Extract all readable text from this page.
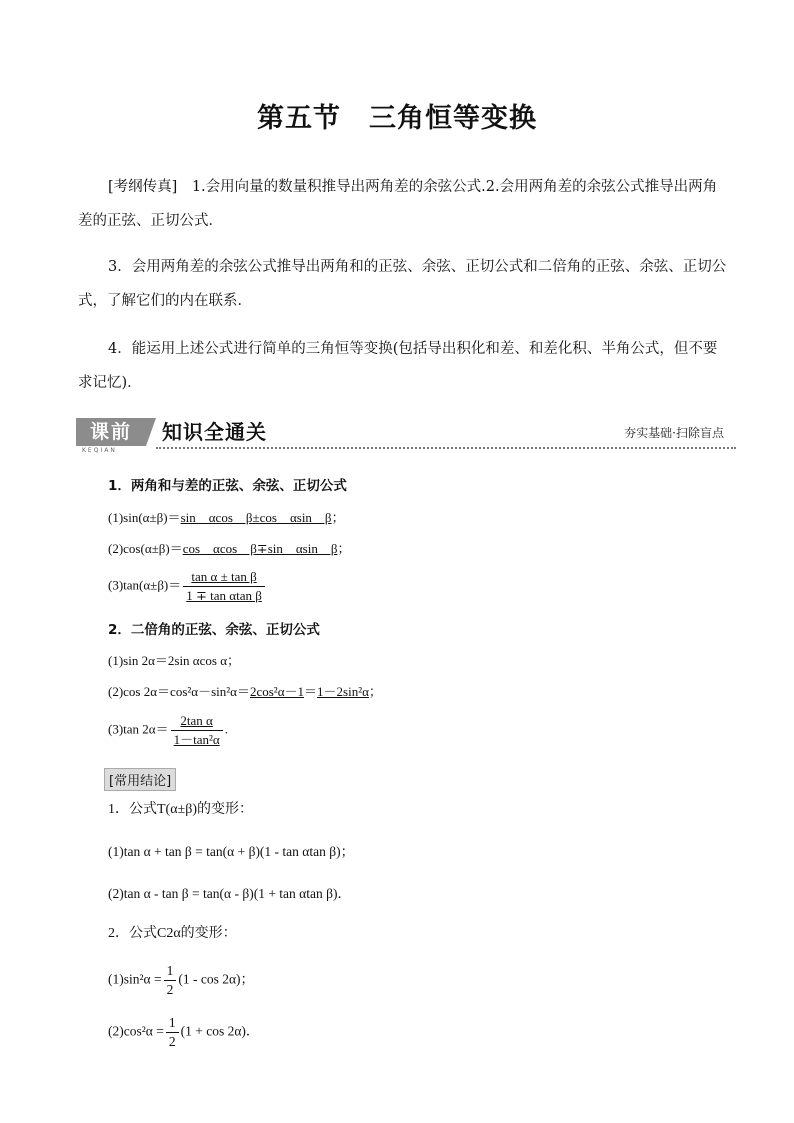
第五节　三角恒等变换
[考纲传真]　1.会用向量的数量积推导出两角差的余弦公式.2.会用两角差的余弦公式推导出两角差的正弦、正切公式．
3．会用两角差的余弦公式推导出两角和的正弦、余弦、正切公式和二倍角的正弦、余弦、正切公式，了解它们的内在联系．
4．能运用上述公式进行简单的三角恒等变换(包括导出积化和差、和差化积、半角公式，但不要求记忆)．
课前
KEQIAN
知识全通关	夯实基础·扫除盲点
1．两角和与差的正弦、余弦、正切公式
(1)sin(α±β)＝sin　αcos　β±cos　αsin　β；
(2)cos(α±β)＝cos　αcos　β∓sin　αsin　β；
$(3)\tan(\alpha\pm\beta)= \frac{\text{tan α ± tan β}}{\text{1 ∓ tan αtan β}}$
2．二倍角的正弦、余弦、正切公式
(1)sin 2α＝2sin αcos α；
(2)cos 2α＝cos²α－sin²α＝2cos²α－1＝1－2sin²α；
(3)tan $2\alpha= \frac{\text{2tan α}}{\text{1－tan²α}}$ .
[常用结论]
1．公式T(α±β)的变形：
(1)tan α + tan β = tan(α + β)(1 - tan αtan β)；
(2)tan α - tan β = tan(α - β)(1 + tan αtan β)．
2．公式C2α的变形：
$(1)\sin^2\alpha = \frac{1}{2} (1 - \cos 2\alpha)$；
$(2)\cos^2\alpha = \frac{1}{2} (1 + \cos 2\alpha)$．
